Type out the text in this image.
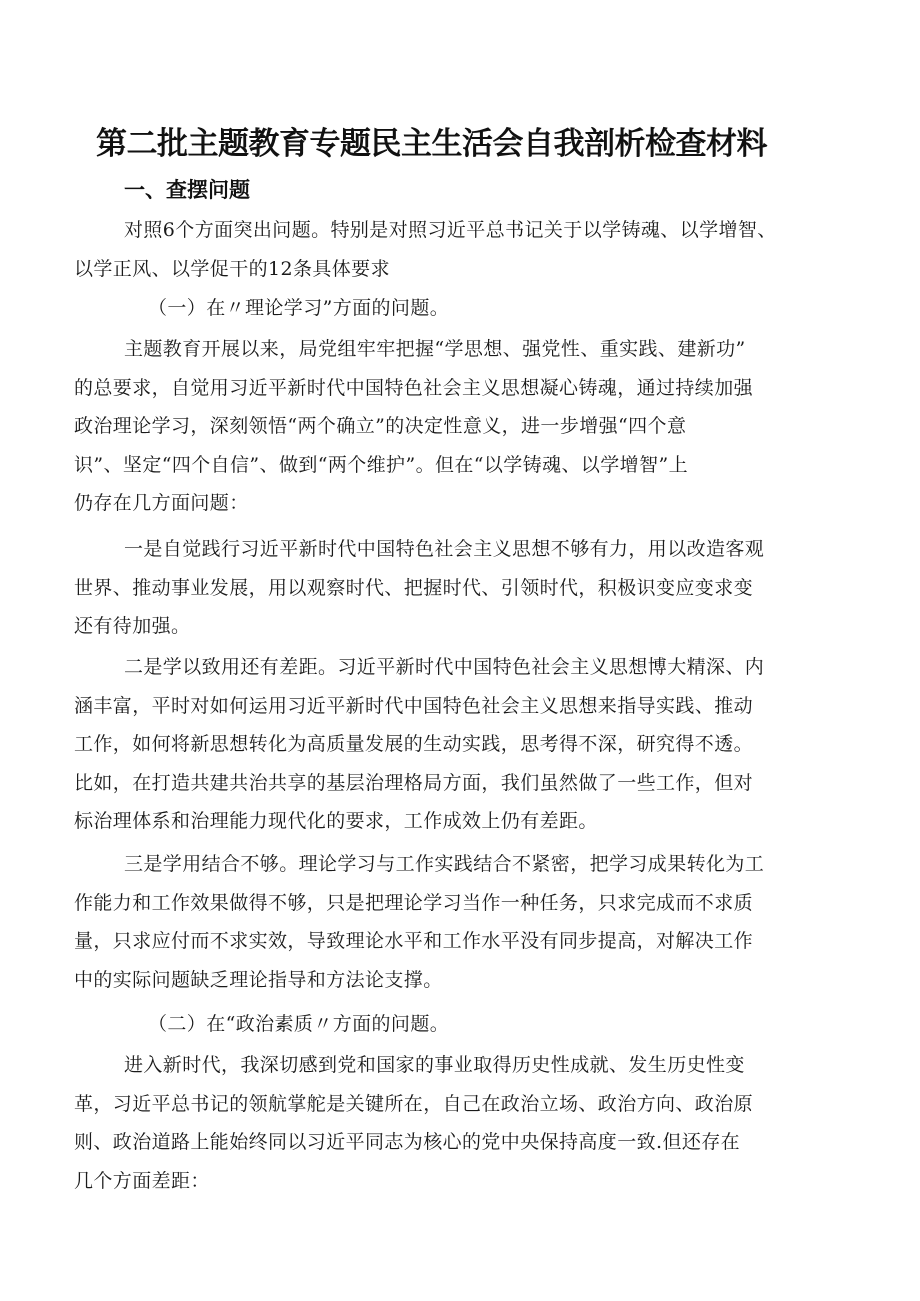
第二批主题教育专题民主生活会自我剖析检查材料
一、查摆问题
对照6个方面突出问题。特别是对照习近平总书记关于以学铸魂、以学增智、
以学正风、以学促干的12条具体要求
（一）在〃理论学习”方面的问题。
主题教育开展以来，局党组牢牢把握“学思想、强党性、重实践、建新功”
的总要求，自觉用习近平新时代中国特色社会主义思想凝心铸魂，通过持续加强
政治理论学习，深刻领悟“两个确立”的决定性意义，进一步增强“四个意
识”、坚定“四个自信”、做到“两个维护”。但在“以学铸魂、以学增智”上
仍存在几方面问题：
一是自觉践行习近平新时代中国特色社会主义思想不够有力，用以改造客观
世界、推动事业发展，用以观察时代、把握时代、引领时代，积极识变应变求变
还有待加强。
二是学以致用还有差距。习近平新时代中国特色社会主义思想博大精深、内
涵丰富，平时对如何运用习近平新时代中国特色社会主义思想来指导实践、推动
工作，如何将新思想转化为高质量发展的生动实践，思考得不深，研究得不透。
比如，在打造共建共治共享的基层治理格局方面，我们虽然做了一些工作，但对
标治理体系和治理能力现代化的要求，工作成效上仍有差距。
三是学用结合不够。理论学习与工作实践结合不紧密，把学习成果转化为工
作能力和工作效果做得不够，只是把理论学习当作一种任务，只求完成而不求质
量，只求应付而不求实效，导致理论水平和工作水平没有同步提高，对解决工作
中的实际问题缺乏理论指导和方法论支撑。
（二）在“政治素质〃方面的问题。
进入新时代，我深切感到党和国家的事业取得历史性成就、发生历史性变
革，习近平总书记的领航掌舵是关键所在，自己在政治立场、政治方向、政治原
则、政治道路上能始终同以习近平同志为核心的党中央保持高度一致.但还存在
几个方面差距：
